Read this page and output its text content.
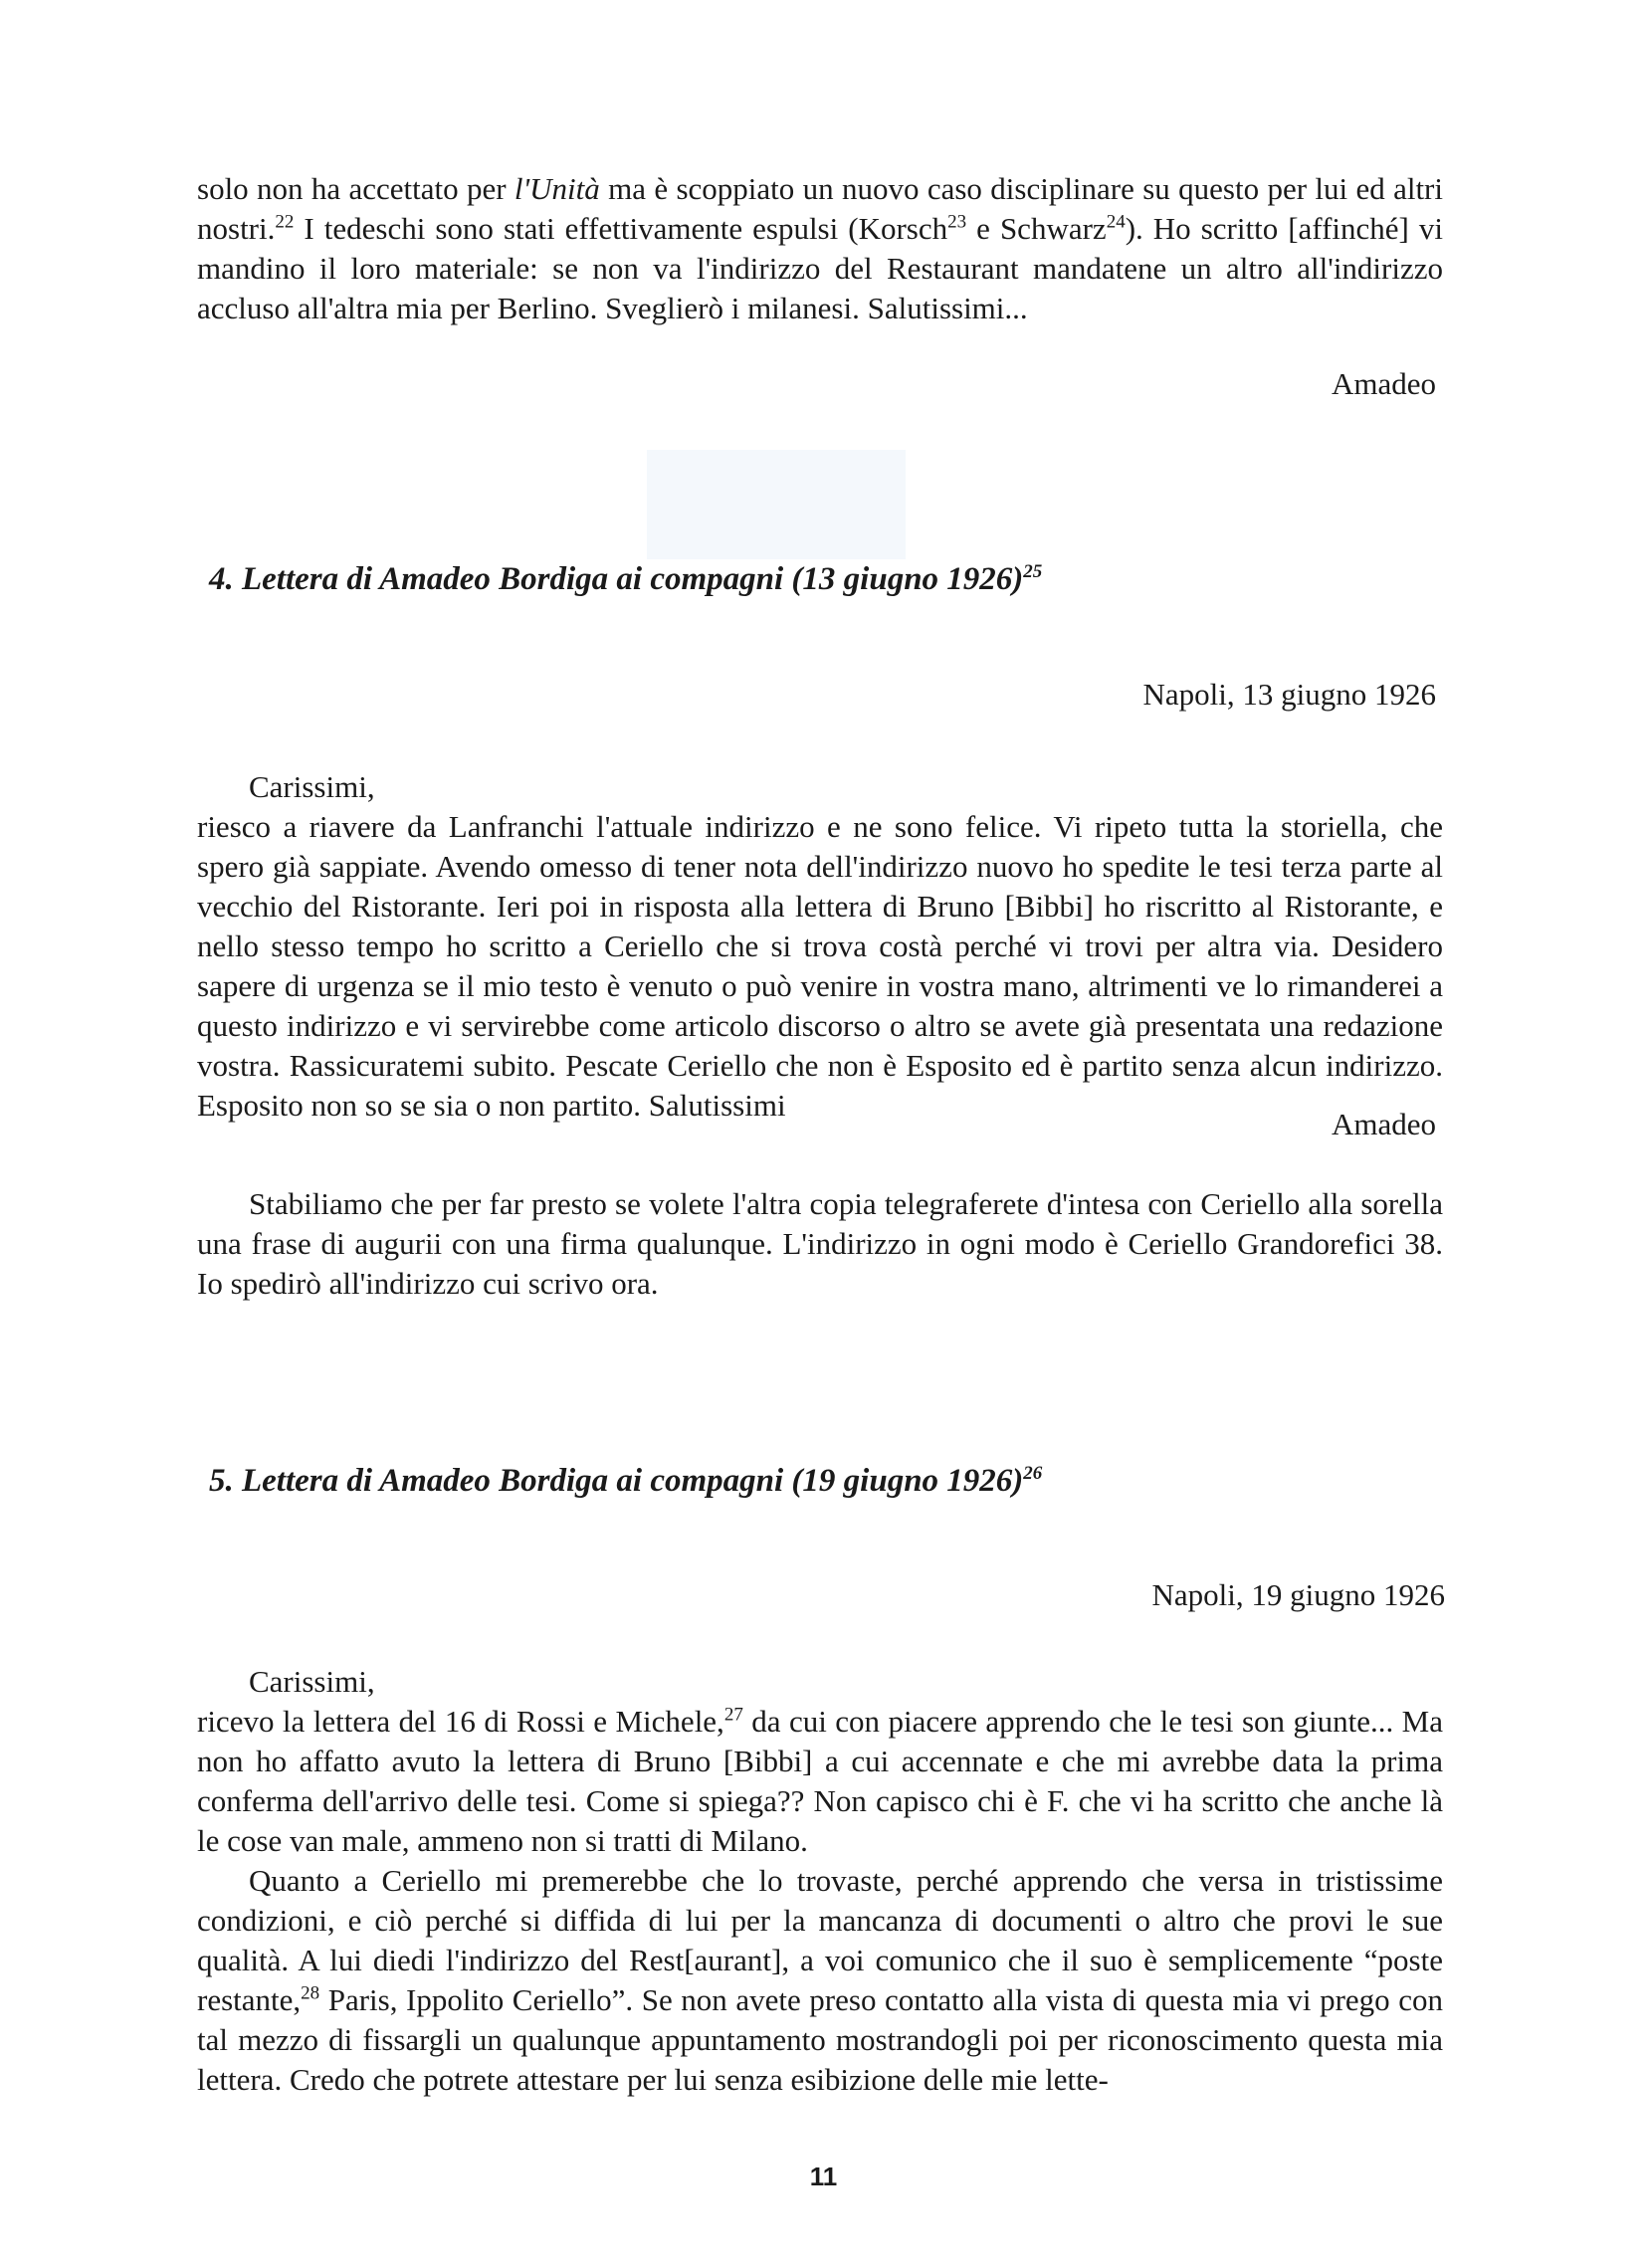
solo non ha accettato per l'Unità ma è scoppiato un nuovo caso disciplinare su questo per lui ed altri nostri.$^{22}$ I tedeschi sono stati effettivamente espulsi (Korsch$^{23}$ e Schwarz$^{24}$). Ho scritto [affinché] vi mandino il loro materiale: se non va l'indirizzo del Restaurant mandatene un altro all'indirizzo accluso all'altra mia per Berlino. Sveglierò i milanesi. Salutissimi...

Amadeo
4. Lettera di Amadeo Bordiga ai compagni (13 giugno 1926)$^{25}$
Napoli, 13 giugno 1926

Carissimi,

riesco a riavere da Lanfranchi l'attuale indirizzo e ne sono felice. Vi ripeto tutta la storiella, che spero già sappiate. Avendo omesso di tener nota dell'indirizzo nuovo ho spedite le tesi terza parte al vecchio del Ristorante. Ieri poi in risposta alla lettera di Bruno [Bibbi] ho riscritto al Ristorante, e nello stesso tempo ho scritto a Ceriello che si trova costà perché vi trovi per altra via. Desidero sapere di urgenza se il mio testo è venuto o può venire in vostra mano, altrimenti ve lo rimanderei a questo indirizzo e vi servirebbe come articolo discorso o altro se avete già presentata una redazione vostra. Rassicuratemi subito. Pescate Ceriello che non è Esposito ed è partito senza alcun indirizzo. Esposito non so se sia o non partito. Salutissimi

Amadeo

Stabiliamo che per far presto se volete l'altra copia telegraferete d'intesa con Ceriello alla sorella una frase di augurii con una firma qualunque. L'indirizzo in ogni modo è Ceriello Grandorefici 38. Io spedirò all'indirizzo cui scrivo ora.

5. Lettera di Amadeo Bordiga ai compagni (19 giugno 1926)$^{26}$
Napoli, 19 giugno 1926

Carissimi,

ricevo la lettera del 16 di Rossi e Michele,$^{27}$ da cui con piacere apprendo che le tesi son giunte... Ma non ho affatto avuto la lettera di Bruno [Bibbi] a cui accennate e che mi avrebbe data la prima conferma dell'arrivo delle tesi. Come si spiega?? Non capisco chi è F. che vi ha scritto che anche là le cose van male, ammeno non si tratti di Milano.

Quanto a Ceriello mi premerebbe che lo trovaste, perché apprendo che versa in tristissime condizioni, e ciò perché si diffida di lui per la mancanza di documenti o altro che provi le sue qualità. A lui diedi l'indirizzo del Rest[aurant], a voi comunico che il suo è semplicemente “poste restante,$^{28}$ Paris, Ippolito Ceriello”. Se non avete preso contatto alla vista di questa mia vi prego con tal mezzo di fissargli un qualunque appuntamento mostrandogli poi per riconoscimento questa mia lettera. Credo che potrete attestare per lui senza esibizione delle mie lette-

11
